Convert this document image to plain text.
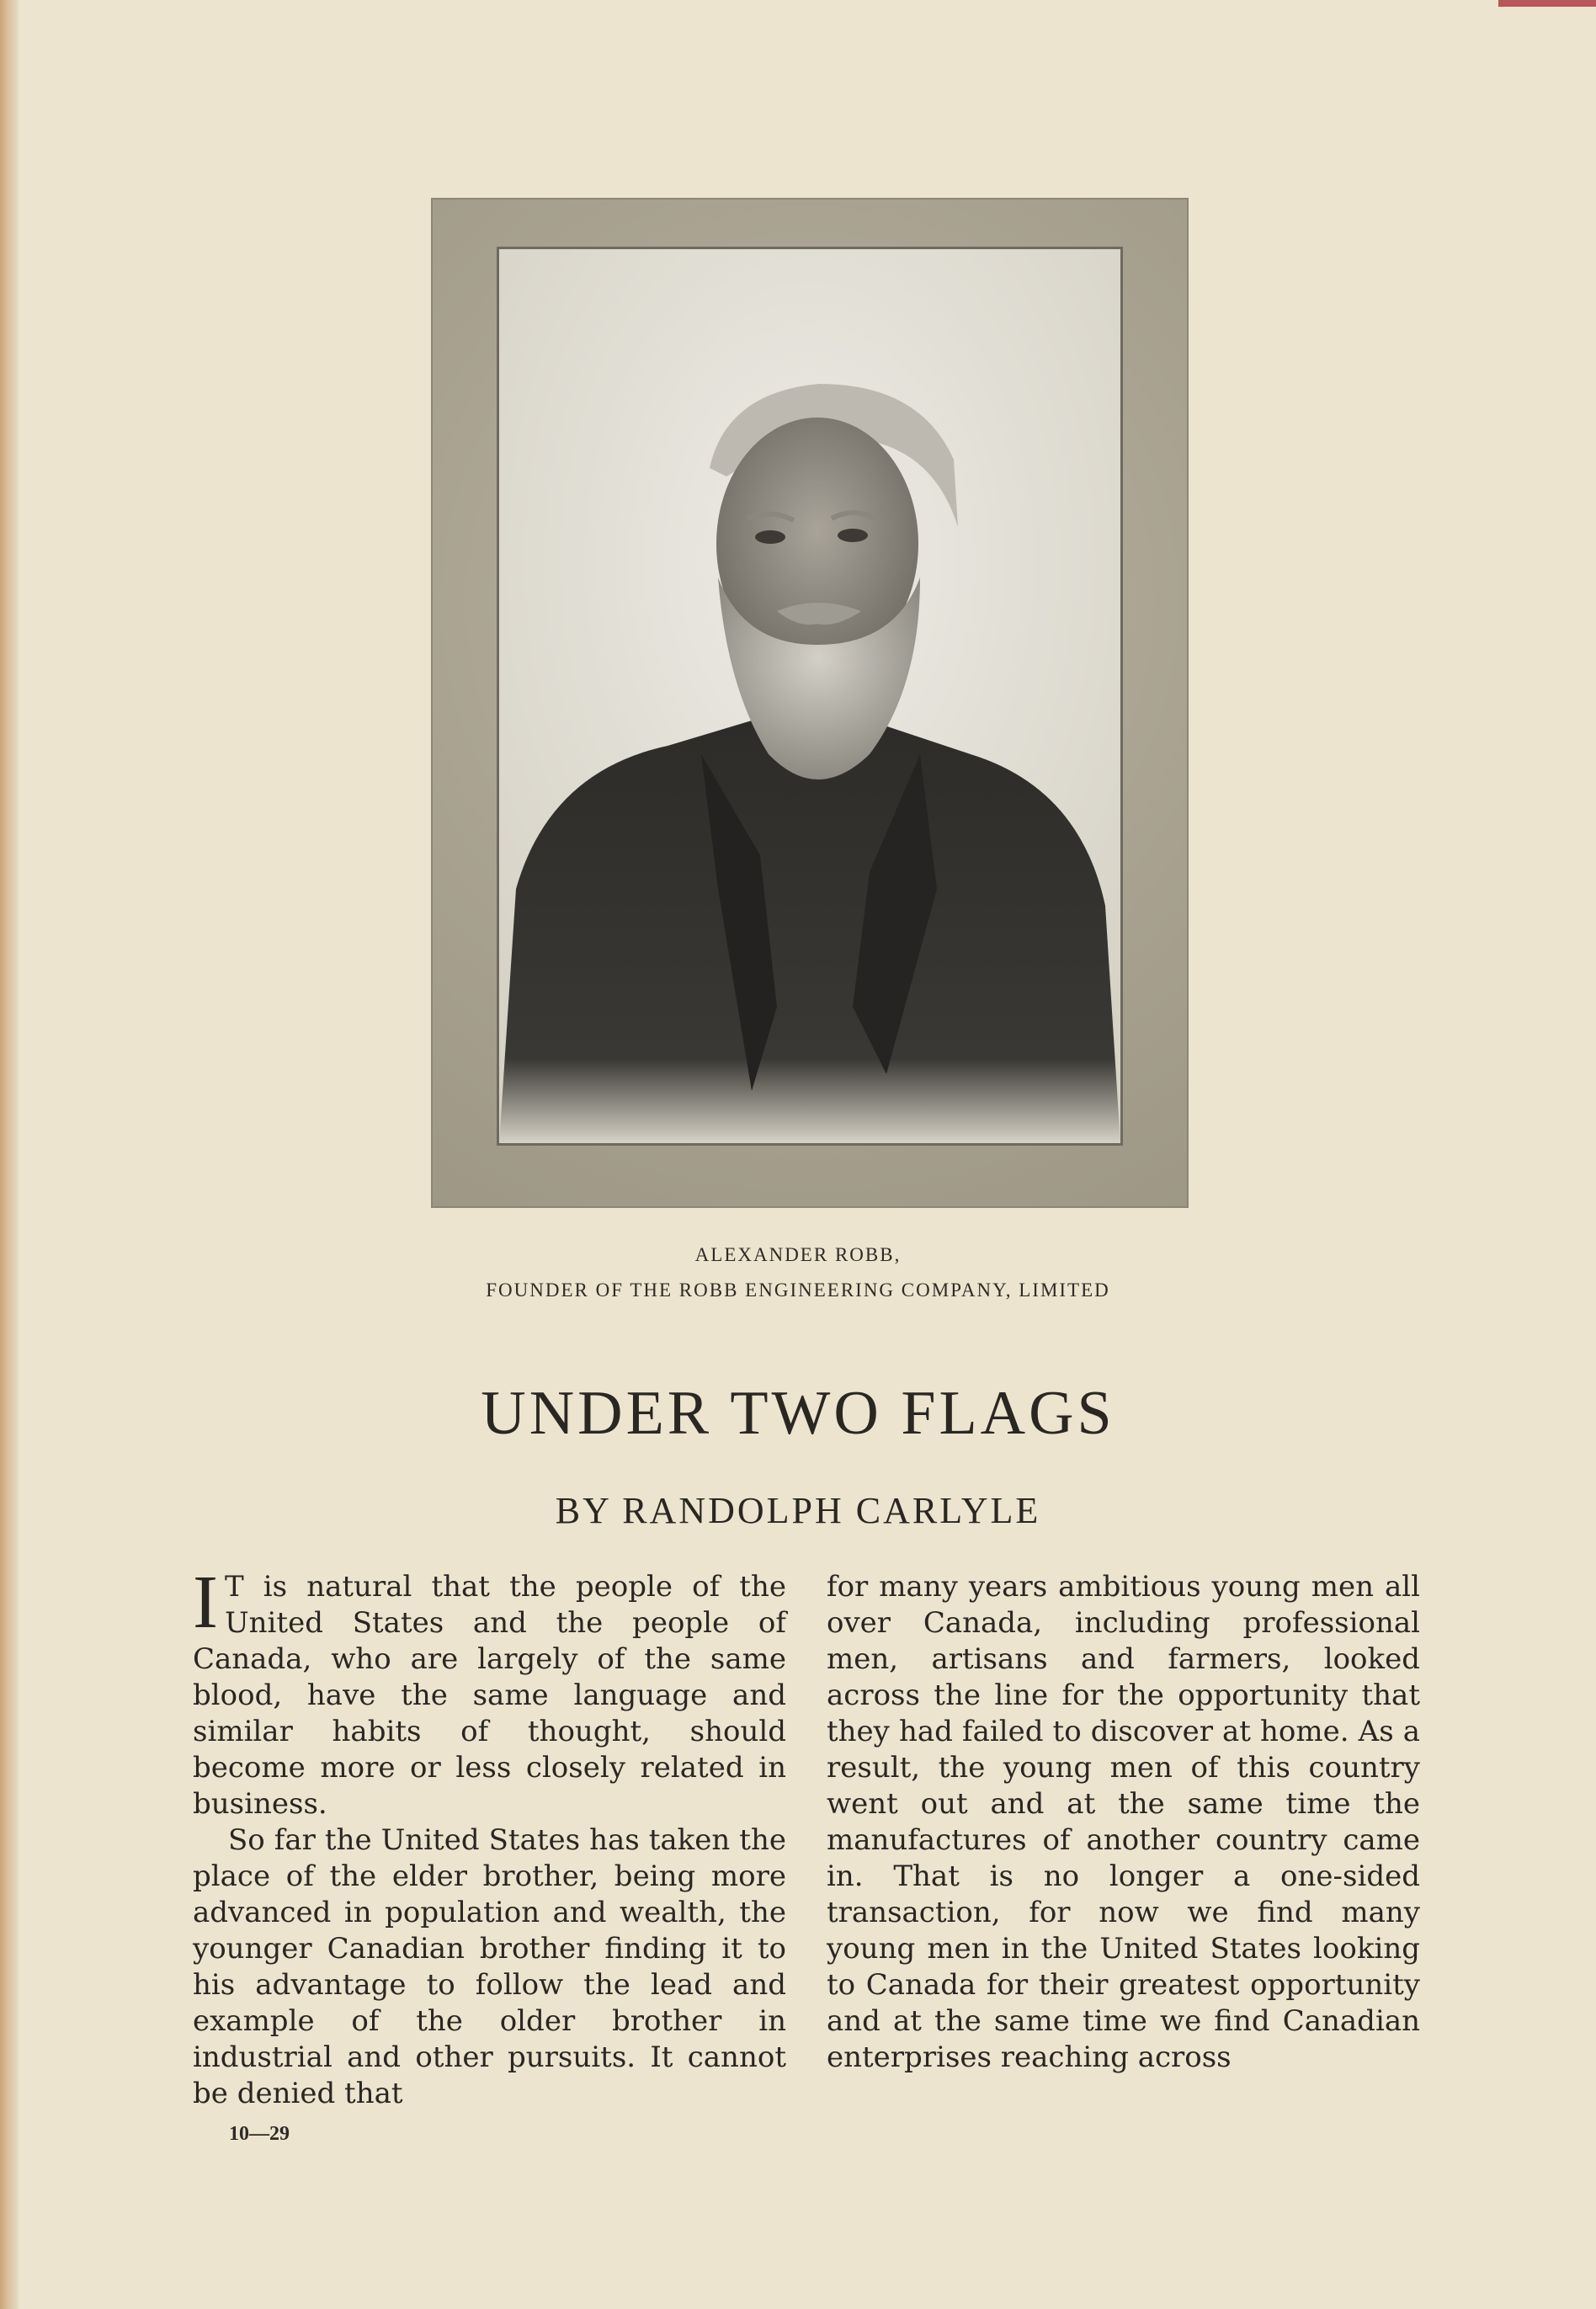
ALEXANDER ROBB,
FOUNDER OF THE ROBB ENGINEERING COMPANY, LIMITED
UNDER TWO FLAGS
BY RANDOLPH CARLYLE

I T is natural that the people of the United States and the people of Canada, who are largely of the same blood, have the same language and similar habits of thought, should become more or less closely related in business.

So far the United States has taken the place of the elder brother, being more advanced in population and wealth, the younger Canadian brother finding it to his advantage to follow the lead and example of the older brother in industrial and other pursuits. It cannot be denied that

for many years ambitious young men all over Canada, including professional men, artisans and farmers, looked across the line for the opportunity that they had failed to discover at home. As a result, the young men of this country went out and at the same time the manufactures of another country came in. That is no longer a one-sided transaction, for now we find many young men in the United States looking to Canada for their greatest opportunity and at the same time we find Canadian enterprises reaching across

10—29
